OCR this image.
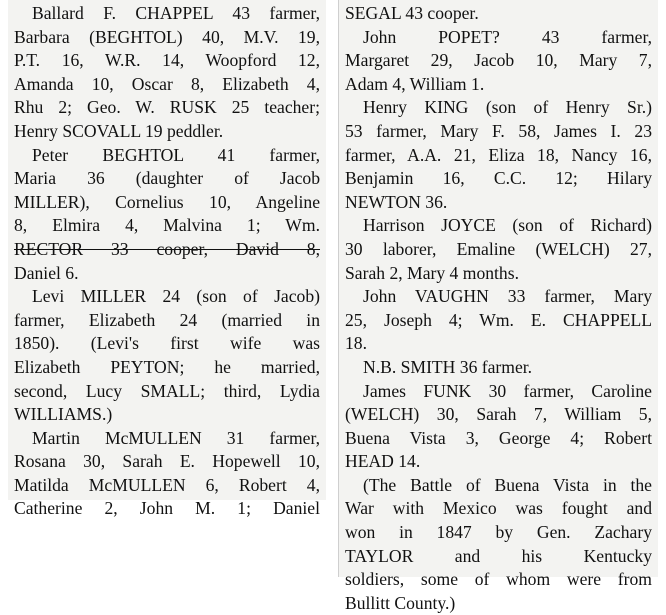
Ballard F. CHAPPEL 43 farmer,

Barbara (BEGHTOL) 40, M.V. 19,
P.T. 16, W.R. 14, Woopford 12,
Amanda 10, Oscar 8, Elizabeth 4,
Rhu 2; Geo. W. RUSK 25 teacher;
Henry SCOVALL 19 peddler.

Peter BEGHTOL 41 farmer,

Maria 36 (daughter of Jacob
MILLER), Cornelius 10, Angeline
8, Elmira 4, Malvina 1; Wm.
RECTOR 33 cooper, David 8,
Daniel 6.

Levi MILLER 24 (son of Jacob)

farmer, Elizabeth 24 (married in
1850). (Levi's first wife was
Elizabeth PEYTON; he married,
second, Lucy SMALL; third, Lydia
WILLIAMS.)

Martin McMULLEN 31 farmer,

Rosana 30, Sarah E. Hopewell 10,
Matilda McMULLEN 6, Robert 4,
Catherine 2, John M. 1; Daniel

SEGAL 43 cooper.

John POPET? 43 farmer,

Margaret 29, Jacob 10, Mary 7,
Adam 4, William 1.

Henry KING (son of Henry Sr.)

53 farmer, Mary F. 58, James I. 23
farmer, A.A. 21, Eliza 18, Nancy 16,
Benjamin 16, C.C. 12; Hilary
NEWTON 36.

Harrison JOYCE (son of Richard)

30 laborer, Emaline (WELCH) 27,
Sarah 2, Mary 4 months.

John VAUGHN 33 farmer, Mary

25, Joseph 4; Wm. E. CHAPPELL
18.

N.B. SMITH 36 farmer.

James FUNK 30 farmer, Caroline

(WELCH) 30, Sarah 7, William 5,
Buena Vista 3, George 4; Robert
HEAD 14.

(The Battle of Buena Vista in the

War with Mexico was fought and
won in 1847 by Gen. Zachary
TAYLOR and his Kentucky
soldiers, some of whom were from
Bullitt County.)
